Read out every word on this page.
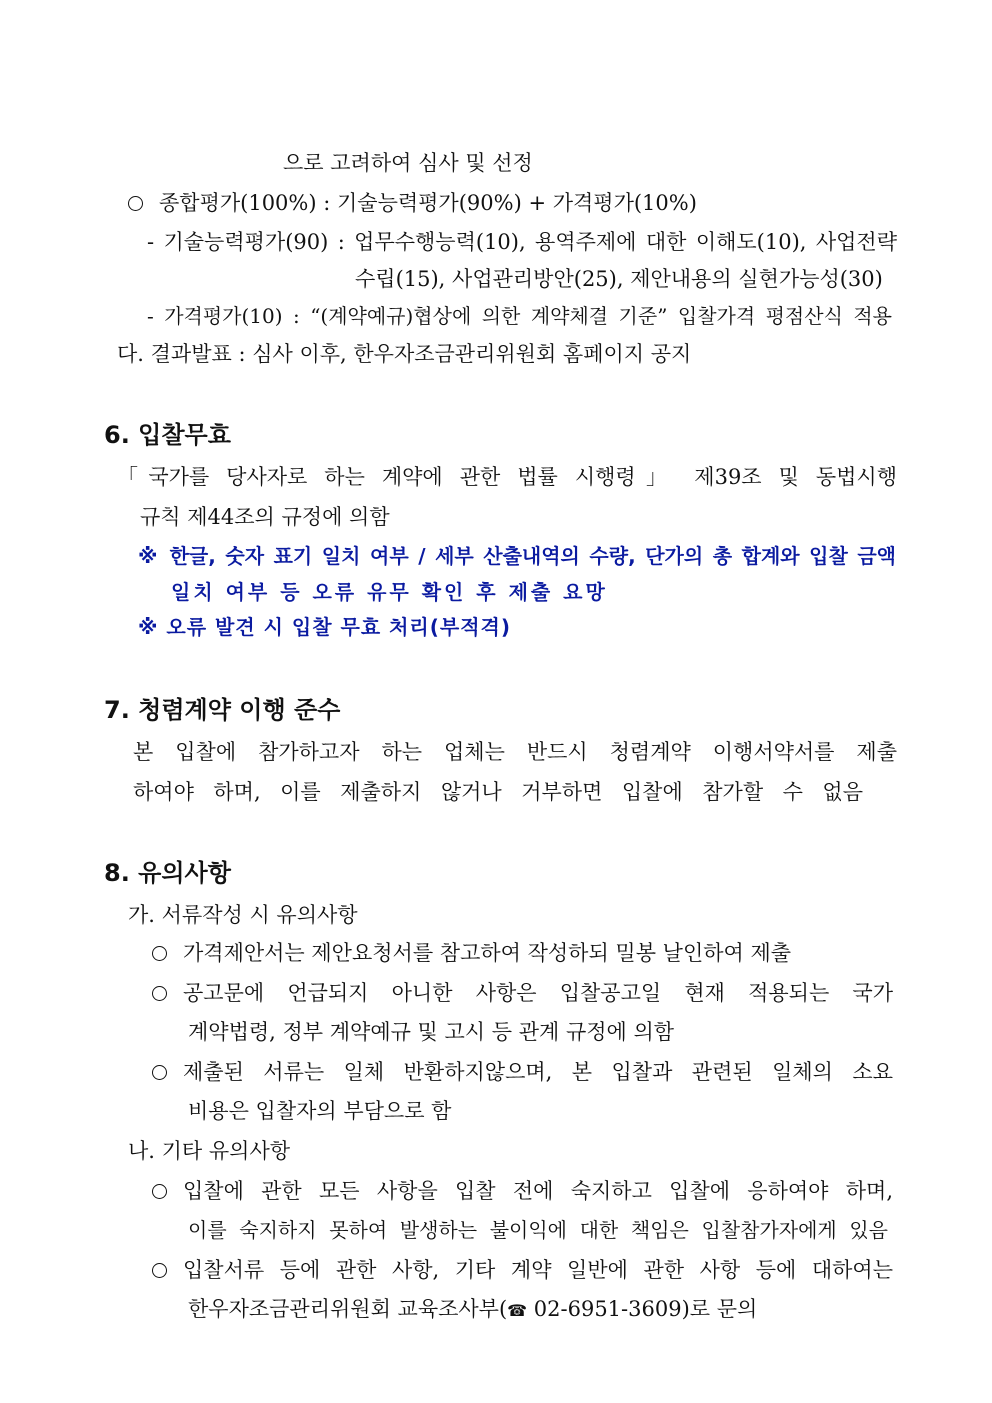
으로 고려하여 심사 및 선정
종합평가(100%) : 기술능력평가(90%) + 가격평가(10%)
- 기술능력평가(90) : 업무수행능력(10), 용역주제에 대한 이해도(10), 사업전략
수립(15), 사업관리방안(25), 제안내용의 실현가능성(30)
- 가격평가(10) : “(계약예규)협상에 의한 계약체결 기준” 입찰가격 평점산식 적용
다. 결과발표 : 심사 이후, 한우자조금관리위원회 홈페이지 공지
6. 입찰무효
「국가를 당사자로 하는 계약에 관한 법률 시행령」 제39조 및 동법시행
규칙 제44조의 규정에 의함
※ 한글, 숫자 표기 일치 여부 / 세부 산출내역의 수량, 단가의 총 합계와 입찰 금액
일치 여부 등 오류 유무 확인 후 제출 요망
※ 오류 발견 시 입찰 무효 처리(부적격)
7. 청렴계약 이행 준수
본 입찰에 참가하고자 하는 업체는 반드시 청렴계약 이행서약서를 제출
하여야 하며, 이를 제출하지 않거나 거부하면 입찰에 참가할 수 없음
8. 유의사항
가. 서류작성 시 유의사항
가격제안서는 제안요청서를 참고하여 작성하되 밀봉 날인하여 제출
공고문에 언급되지 아니한 사항은 입찰공고일 현재 적용되는 국가
계약법령, 정부 계약예규 및 고시 등 관계 규정에 의함
제출된 서류는 일체 반환하지않으며, 본 입찰과 관련된 일체의 소요
비용은 입찰자의 부담으로 함
나. 기타 유의사항
입찰에 관한 모든 사항을 입찰 전에 숙지하고 입찰에 응하여야 하며,
이를 숙지하지 못하여 발생하는 불이익에 대한 책임은 입찰참가자에게 있음
입찰서류 등에 관한 사항, 기타 계약 일반에 관한 사항 등에 대하여는
한우자조금관리위원회 교육조사부(☎ 02-6951-3609)로 문의
